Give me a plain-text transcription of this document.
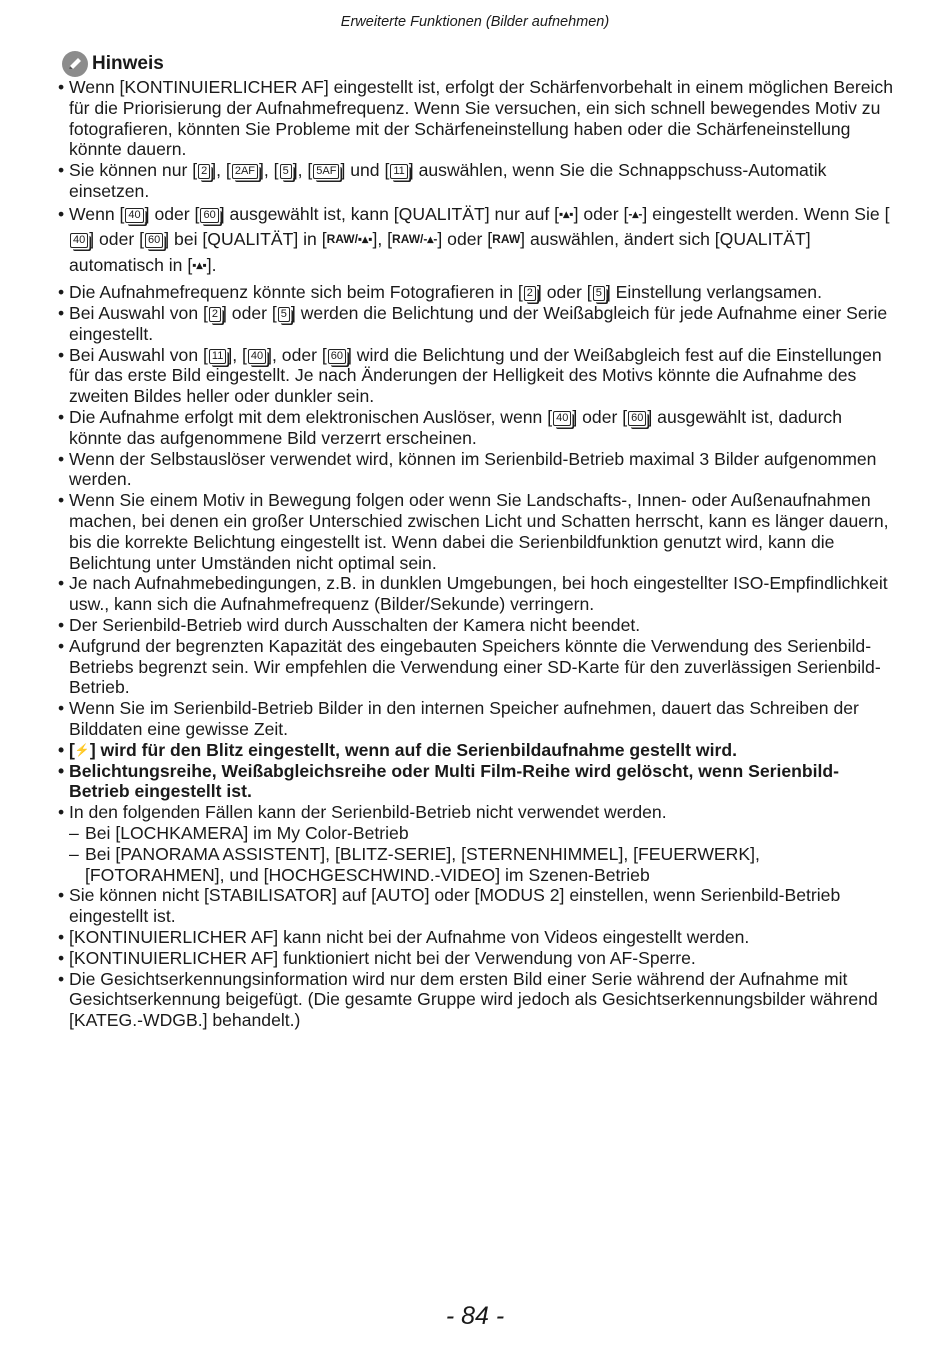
Erweiterte Funktionen (Bilder aufnehmen)
Hinweis
• Wenn [KONTINUIERLICHER AF] eingestellt ist, erfolgt der Schärfenvorbehalt in einem möglichen Bereich für die Priorisierung der Aufnahmefrequenz. Wenn Sie versuchen, ein sich schnell bewegendes Motiv zu fotografieren, könnten Sie Probleme mit der Schärfeneinstellung haben oder die Schärfeneinstellung könnte dauern.
• Sie können nur [ 2 ], [ 2AF ], [ 5 ], [ 5AF ] und [ 11 ] auswählen, wenn Sie die Schnappschuss-Automatik einsetzen.
• Wenn [ 40 ] oder [ 60 ] ausgewählt ist, kann [QUALITÄT] nur auf [▪▴▪] oder [-▴-] eingestellt werden. Wenn Sie [40 ] oder [ 60 ] bei [QUALITÄT] in [RAW/▪▴▪], [RAW/-▴-] oder [RAW] auswählen, ändert sich [QUALITÄT] automatisch in [▪▴▪].
• Die Aufnahmefrequenz könnte sich beim Fotografieren in [ 2 ] oder [ 5 ] Einstellung verlangsamen.
• Bei Auswahl von [ 2 ] oder [ 5 ] werden die Belichtung und der Weißabgleich für jede Aufnahme einer Serie eingestellt.
• Bei Auswahl von [ 11 ], [ 40 ], oder [ 60 ] wird die Belichtung und der Weißabgleich fest auf die Einstellungen für das erste Bild eingestellt. Je nach Änderungen der Helligkeit des Motivs könnte die Aufnahme des zweiten Bildes heller oder dunkler sein.
• Die Aufnahme erfolgt mit dem elektronischen Auslöser, wenn [ 40 ] oder [ 60 ] ausgewählt ist, dadurch könnte das aufgenommene Bild verzerrt erscheinen.
• Wenn der Selbstauslöser verwendet wird, können im Serienbild-Betrieb maximal 3 Bilder aufgenommen werden.
• Wenn Sie einem Motiv in Bewegung folgen oder wenn Sie Landschafts-, Innen- oder Außenaufnahmen machen, bei denen ein großer Unterschied zwischen Licht und Schatten herrscht, kann es länger dauern, bis die korrekte Belichtung eingestellt ist. Wenn dabei die Serienbildfunktion genutzt wird, kann die Belichtung unter Umständen nicht optimal sein.
• Je nach Aufnahmebedingungen, z.B. in dunklen Umgebungen, bei hoch eingestellter ISO-Empfindlichkeit usw., kann sich die Aufnahmefrequenz (Bilder/Sekunde) verringern.
• Der Serienbild-Betrieb wird durch Ausschalten der Kamera nicht beendet.
• Aufgrund der begrenzten Kapazität des eingebauten Speichers könnte die Verwendung des Serienbild-Betriebs begrenzt sein. Wir empfehlen die Verwendung einer SD-Karte für den zuverlässigen Serienbild-Betrieb.
• Wenn Sie im Serienbild-Betrieb Bilder in den internen Speicher aufnehmen, dauert das Schreiben der Bilddaten eine gewisse Zeit.
• [⚡] wird für den Blitz eingestellt, wenn auf die Serienbildaufnahme gestellt wird.
• Belichtungsreihe, Weißabgleichsreihe oder Multi Film-Reihe wird gelöscht, wenn Serienbild-Betrieb eingestellt ist.
• In den folgenden Fällen kann der Serienbild-Betrieb nicht verwendet werden.
– Bei [LOCHKAMERA] im My Color-Betrieb
– Bei [PANORAMA ASSISTENT], [BLITZ-SERIE], [STERNENHIMMEL], [FEUERWERK], [FOTORAHMEN], und [HOCHGESCHWIND.-VIDEO] im Szenen-Betrieb
• Sie können nicht [STABILISATOR] auf [AUTO] oder [MODUS 2] einstellen, wenn Serienbild-Betrieb eingestellt ist.
• [KONTINUIERLICHER AF] kann nicht bei der Aufnahme von Videos eingestellt werden.
• [KONTINUIERLICHER AF] funktioniert nicht bei der Verwendung von AF-Sperre.
• Die Gesichtserkennungsinformation wird nur dem ersten Bild einer Serie während der Aufnahme mit Gesichtserkennung beigefügt. (Die gesamte Gruppe wird jedoch als Gesichtserkennungsbilder während [KATEG.-WDGB.] behandelt.)
- 84 -
